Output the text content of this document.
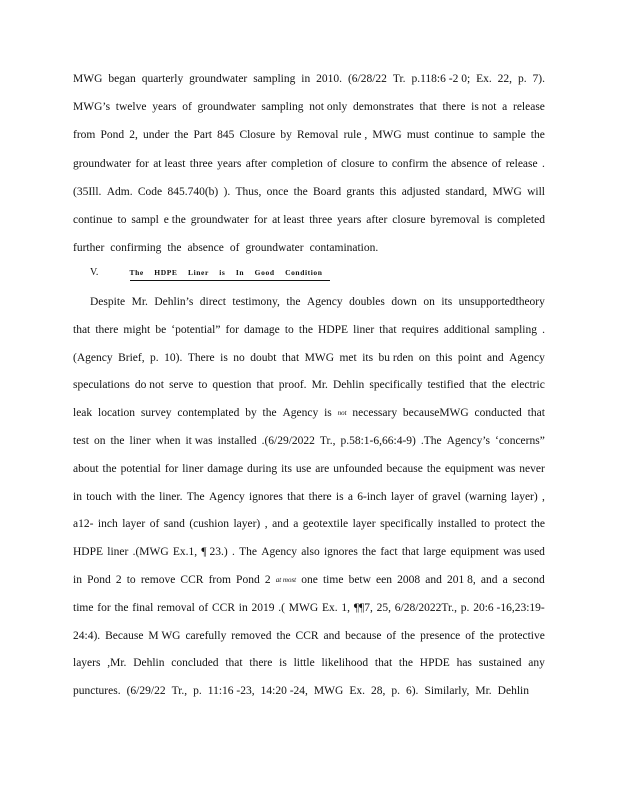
MWG began quarterly groundwater sampling in 2010. (6/28/22 Tr. p.118:6 -2 0; Ex. 22, p. 7).
MWG’s twelve years of groundwater sampling not only demonstrates that there is not a release
from Pond 2, under the Part 845 Closure by Removal rule , MWG must continue to sample the
groundwater for at least three years after completion of closure to confirm the absence of release .
(35Ill. Adm. Code 845.740(b) ). Thus, once the Board grants this adjusted standard, MWG will
continue to sampl e the groundwater for at least three years after closure byremoval is completed
further confirming the absence of groundwater contamination.
V.	The HDPE Liner is In Good Condition
Despite Mr. Dehlin’s direct testimony, the Agency doubles down on its unsupportedtheory
that there might be ‘potential” for damage to the HDPE liner that requires additional sampling .
(Agency Brief, p. 10). There is no doubt that MWG met its bu rden on this point and Agency
speculations do not serve to question that proof. Mr. Dehlin specifically testified that the electric
leak location survey contemplated by the Agency is not necessary becauseMWG conducted that
test on the liner when it was installed .(6/29/2022 Tr., p.58:1-6,66:4-9) .The Agency’s ‘concerns”
about the potential for liner damage during its use are unfounded because the equipment was never
in touch with the liner. The Agency ignores that there is a 6-inch layer of gravel (warning layer) ,
a12- inch layer of sand (cushion layer) , and a geotextile layer specifically installed to protect the
HDPE liner .(MWG Ex.1, ¶ 23.) . The Agency also ignores the fact that large equipment was used
in Pond 2 to remove CCR from Pond 2 at most one time betw een 2008 and 201 8, and a second
time for the final removal of CCR in 2019 .( MWG Ex. 1, ¶¶7, 25, 6/28/2022Tr., p. 20:6 -16,23:19-
24:4). Because M WG carefully removed the CCR and because of the presence of the protective
layers ,Mr. Dehlin concluded that there is little likelihood that the HPDE has sustained any
punctures. (6/29/22 Tr., p. 11:16 -23, 14:20 -24, MWG Ex. 28, p. 6). Similarly, Mr. Dehlin
